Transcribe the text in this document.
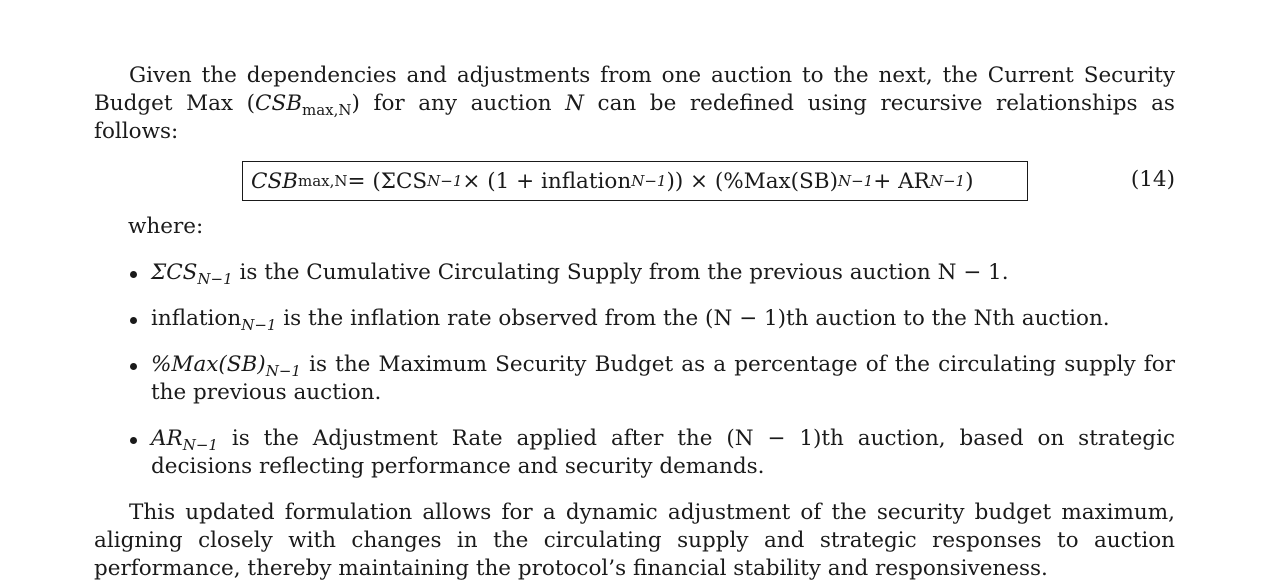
Given the dependencies and adjustments from one auction to the next, the Current Security Budget Max $(CSB_{max,N})$ for any auction N can be redefined using recursive relationships as follows:

CSB max,N = (ΣCS N−1 × (1 + inflation N−1 )) × (%Max(SB) N−1 + AR N−1 )	(14)
where:
$\Sigma CS_{N-1}$ is the Cumulative Circulating Supply from the previous auction N − 1.
inflation$_{N-1}$ is the inflation rate observed from the (N − 1)th auction to the Nth auction.
$\%Max(SB)_{N-1}$ is the Maximum Security Budget as a percentage of the circulating supply for the previous auction.
$AR_{N-1}$ is the Adjustment Rate applied after the (N − 1)th auction, based on strategic decisions reflecting performance and security demands.

This updated formulation allows for a dynamic adjustment of the security budget maximum, aligning closely with changes in the circulating supply and strategic responses to auction performance, thereby maintaining the protocol’s financial stability and responsiveness.
